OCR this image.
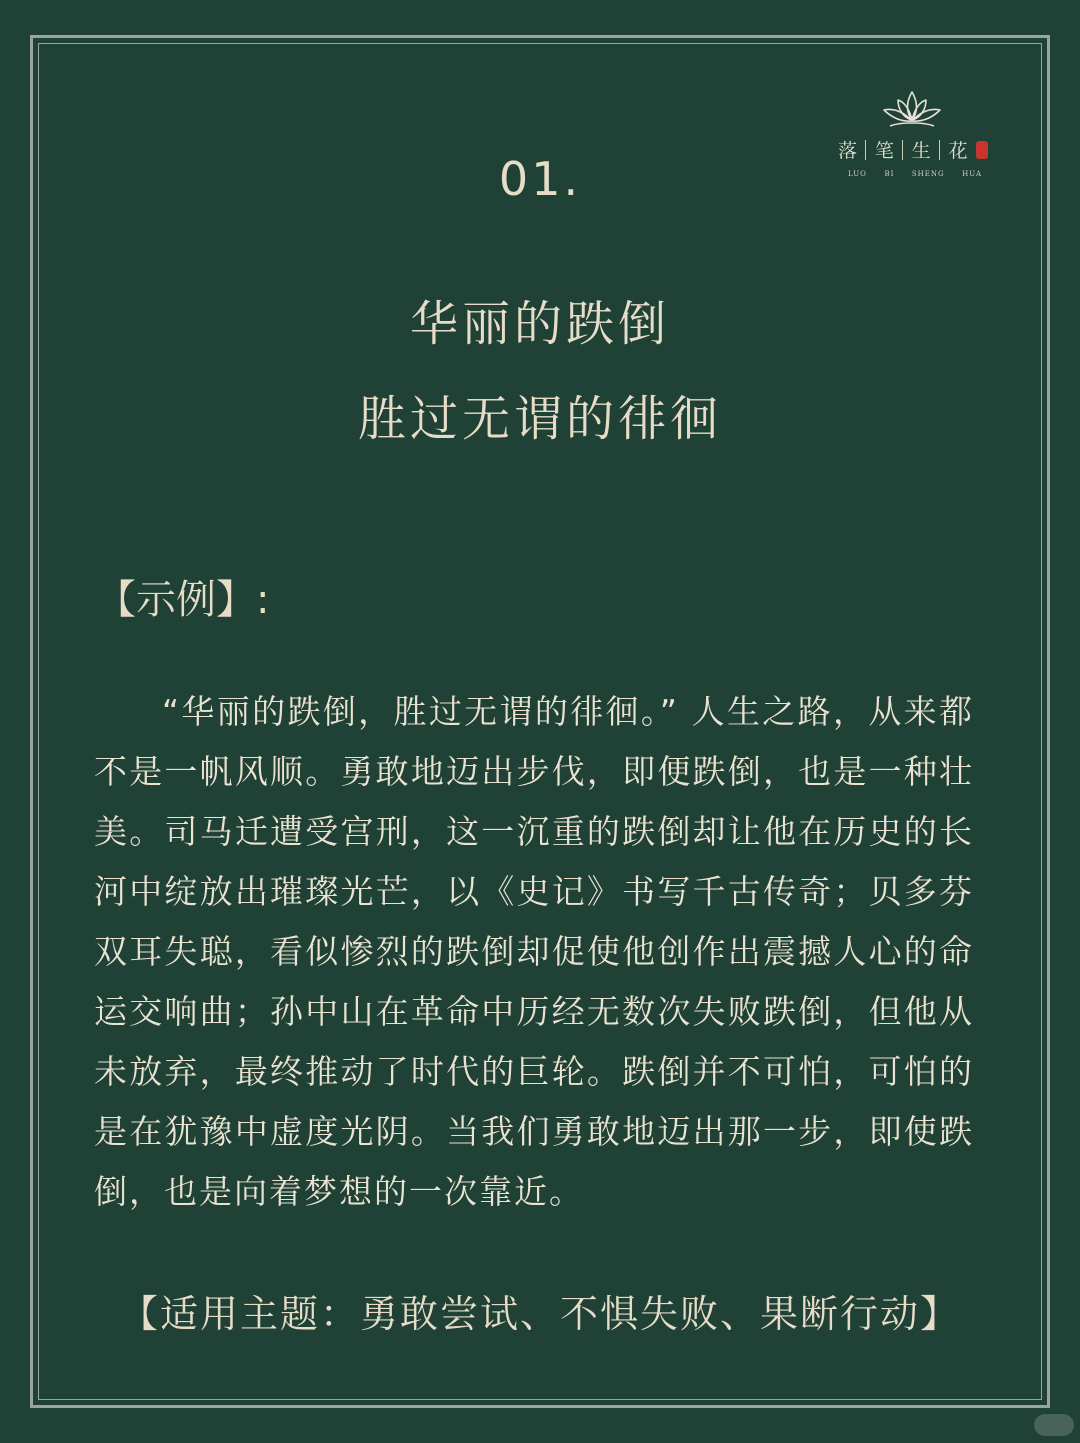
落 笔 生 花
LUO	BI	SHENG	HUA
01.
华丽的跌倒
胜过无谓的徘徊
【示例】:

“华丽的跌倒，胜过无谓的徘徊。” 人生之路，从来都不是一帆风顺。勇敢地迈出步伐，即便跌倒，也是一种壮美。司马迁遭受宫刑，这一沉重的跌倒却让他在历史的长河中绽放出璀璨光芒，以《史记》书写千古传奇；贝多芬双耳失聪，看似惨烈的跌倒却促使他创作出震撼人心的命运交响曲；孙中山在革命中历经无数次失败跌倒，但他从未放弃，最终推动了时代的巨轮。跌倒并不可怕，可怕的是在犹豫中虚度光阴。当我们勇敢地迈出那一步，即使跌倒，也是向着梦想的一次靠近。

【适用主题：勇敢尝试、不惧失败、果断行动】
